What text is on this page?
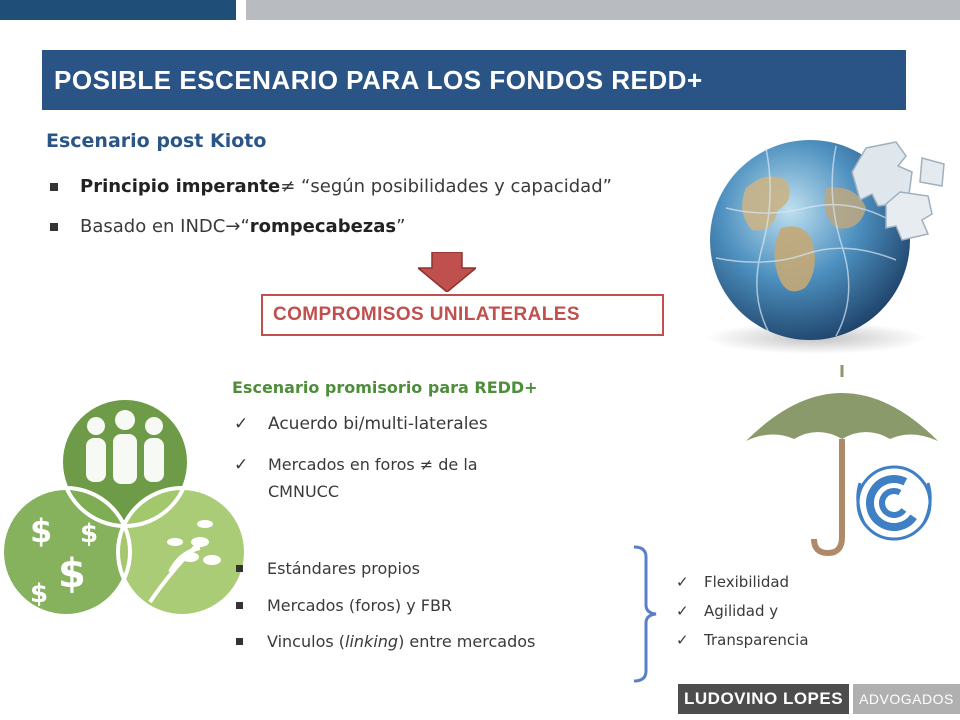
POSIBLE ESCENARIO PARA LOS FONDOS REDD+
Escenario post Kioto
Principio imperante ≠ “según posibilidades y capacidad”
Basado en INDC → “ rompecabezas ”
COMPROMISOS UNILATERALES
$
$
$
$
Escenario promisorio para REDD+
✓	Acuerdo bi/multi-laterales
✓	Mercados en foros ≠ de la CMNUCC
Estándares propios
Mercados (foros) y FBR
Vinculos ( linking ) entre mercados
✓ Flexibilidad
✓ Agilidad y
✓ Transparencia
LUDOVINO LOPES	ADVOGADOS
